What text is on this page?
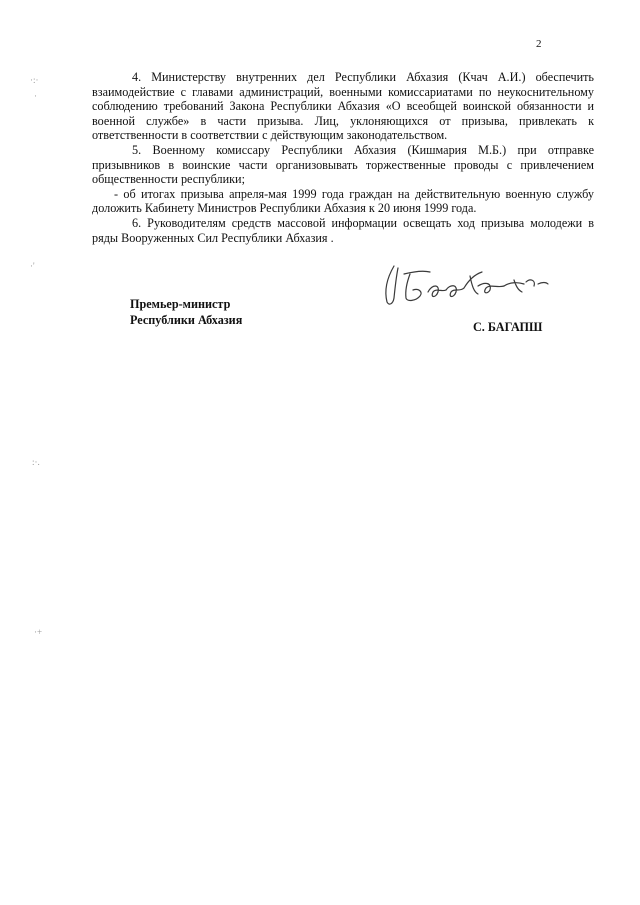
2

4. Министерству внутренних дел Республики Абхазия (Кчач А.И.) обеспечить взаимодействие с главами администраций, военными комиссариатами по неукоснительному соблюдению требований Закона Республики Абхазия «О всеобщей воинской обязанности и военной службе» в части призыва. Лиц, уклоняющихся от призыва, привлекать к ответственности в соответствии с действующим законодательством.

5. Военному комиссару Республики Абхазия (Кишмария М.Б.) при отправке призывников в воинские части организовывать торжественные проводы с привлечением общественности республики;

- об итогах призыва апреля-мая 1999 года граждан на действительную военную службу доложить Кабинету Министров Республики Абхазия к 20 июня 1999 года.

6. Руководителям средств массовой информации освещать ход призыва молодежи в ряды Вооруженных Сил Республики Абхазия .

Премьер-министр
Республики Абхазия	С. БАГАПШ
·:·
·
·'
:·.
·+
